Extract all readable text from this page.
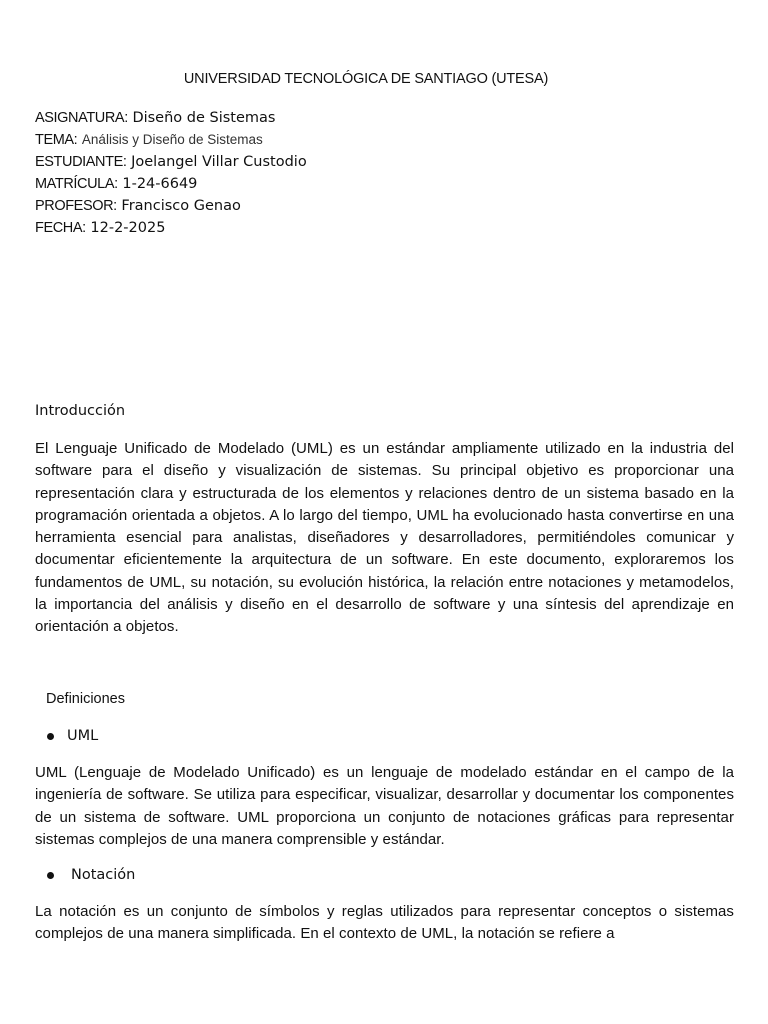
UNIVERSIDAD TECNOLÓGICA DE SANTIAGO (UTESA)
ASIGNATURA: Diseño de Sistemas
TEMA: Análisis y Diseño de Sistemas
ESTUDIANTE: Joelangel Villar Custodio
MATRÍCULA: 1-24-6649
PROFESOR: Francisco Genao
FECHA: 12-2-2025
Introducción
El Lenguaje Unificado de Modelado (UML) es un estándar ampliamente utilizado en la industria del software para el diseño y visualización de sistemas. Su principal objetivo es proporcionar una representación clara y estructurada de los elementos y relaciones dentro de un sistema basado en la programación orientada a objetos. A lo largo del tiempo, UML ha evolucionado hasta convertirse en una herramienta esencial para analistas, diseñadores y desarrolladores, permitiéndoles comunicar y documentar eficientemente la arquitectura de un software. En este documento, exploraremos los fundamentos de UML, su notación, su evolución histórica, la relación entre notaciones y metamodelos, la importancia del análisis y diseño en el desarrollo de software y una síntesis del aprendizaje en orientación a objetos.
Definiciones
UML
UML (Lenguaje de Modelado Unificado) es un lenguaje de modelado estándar en el campo de la ingeniería de software. Se utiliza para especificar, visualizar, desarrollar y documentar los componentes de un sistema de software. UML proporciona un conjunto de notaciones gráficas para representar sistemas complejos de una manera comprensible y estándar.
Notación
La notación es un conjunto de símbolos y reglas utilizados para representar conceptos o sistemas complejos de una manera simplificada. En el contexto de UML, la notación se refiere a
